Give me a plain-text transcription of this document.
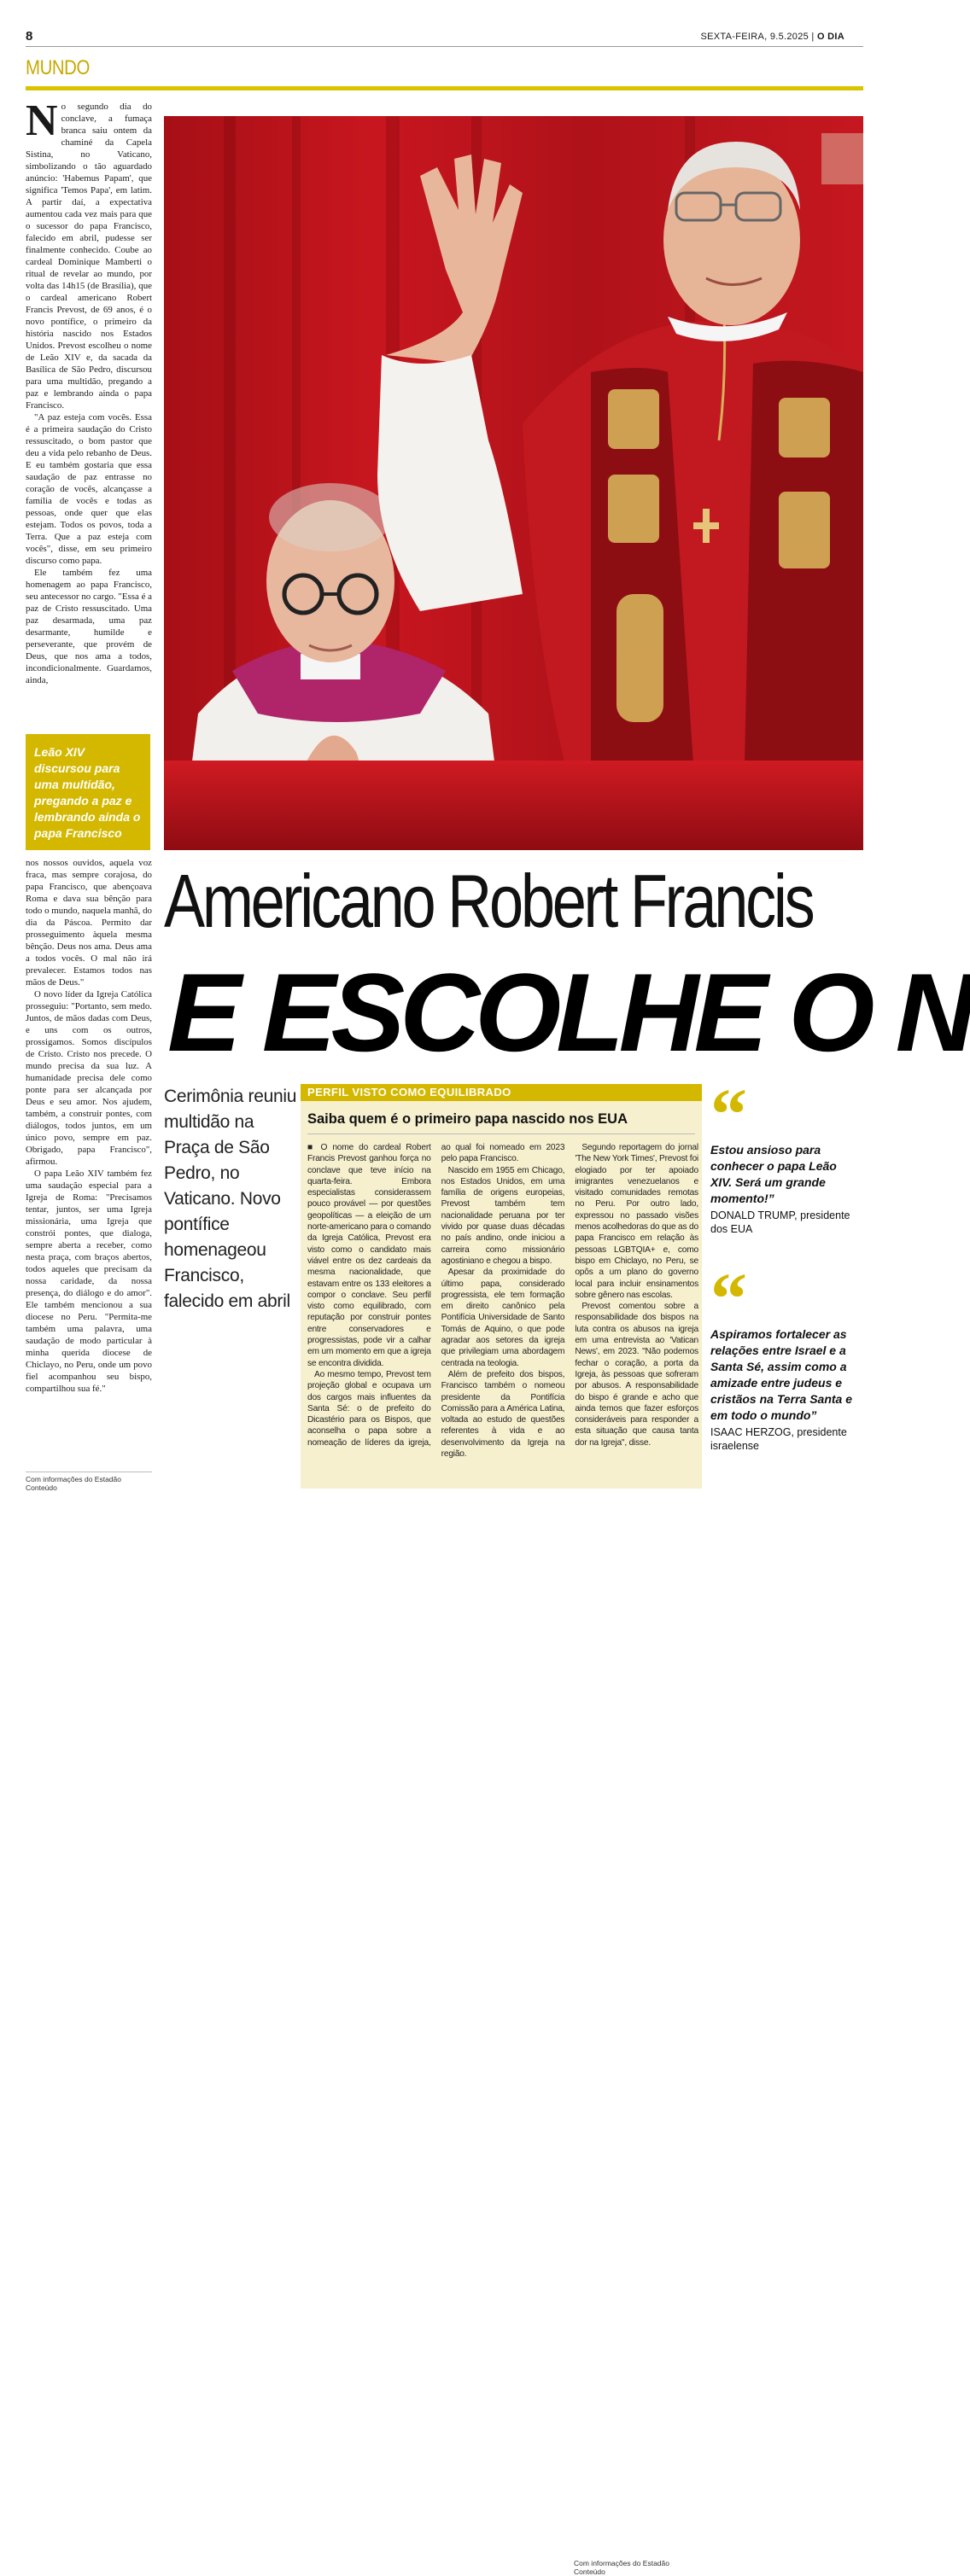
8	SEXTA-FEIRA, 9.5.2025 | O DIA
MUNDO

No segundo dia do conclave, a fumaça branca saiu ontem da chaminé da Capela Sistina, no Vaticano, simbolizando o tão aguardado anúncio: 'Habemus Papam', que significa 'Temos Papa', em latim. A partir daí, a expectativa aumentou cada vez mais para que o sucessor do papa Francisco, falecido em abril, pudesse ser finalmente conhecido. Coube ao cardeal Dominique Mamberti o ritual de revelar ao mundo, por volta das 14h15 (de Brasília), que o cardeal americano Robert Francis Prevost, de 69 anos, é o novo pontífice, o primeiro da história nascido nos Estados Unidos. Prevost escolheu o nome de Leão XIV e, da sacada da Basílica de São Pedro, discursou para uma multidão, pregando a paz e lembrando ainda o papa Francisco.

"A paz esteja com vocês. Essa é a primeira saudação do Cristo ressuscitado, o bom pastor que deu a vida pelo rebanho de Deus. E eu também gostaria que essa saudação de paz entrasse no coração de vocês, alcançasse a família de vocês e todas as pessoas, onde quer que elas estejam. Todos os povos, toda a Terra. Que a paz esteja com vocês", disse, em seu primeiro discurso como papa.

Ele também fez uma homenagem ao papa Francisco, seu antecessor no cargo. "Essa é a paz de Cristo ressuscitado. Uma paz desarmada, uma paz desarmante, humilde e perseverante, que provém de Deus, que nos ama a todos, incondicionalmente. Guardamos, ainda,

Leão XIV discursou para uma multidão, pregando a paz e lembrando ainda o papa Francisco

nos nossos ouvidos, aquela voz fraca, mas sempre corajosa, do papa Francisco, que abençoava Roma e dava sua bênção para todo o mundo, naquela manhã, do dia da Páscoa. Permito dar prosseguimento àquela mesma bênção. Deus nos ama. Deus ama a todos vocês. O mal não irá prevalecer. Estamos todos nas mãos de Deus."

O novo líder da Igreja Católica prosseguiu: "Portanto, sem medo. Juntos, de mãos dadas com Deus, e uns com os outros, prossigamos. Somos discípulos de Cristo. Cristo nos precede. O mundo precisa da sua luz. A humanidade precisa dele como ponte para ser alcançada por Deus e seu amor. Nos ajudem, também, a construir pontes, com diálogos, todos juntos, em um único povo, sempre em paz. Obrigado, papa Francisco", afirmou.

O papa Leão XIV também fez uma saudação especial para a Igreja de Roma: "Precisamos tentar, juntos, ser uma Igreja missionária, uma Igreja que constrói pontes, que dialoga, sempre aberta a receber, como nesta praça, com braços abertos, todos aqueles que precisam da nossa caridade, da nossa presença, do diálogo e do amor". Ele também mencionou a sua diocese no Peru. "Permita-me também uma palavra, uma saudação de modo particular à minha querida diocese de Chiclayo, no Peru, onde um povo fiel acompanhou seu bispo, compartilhou sua fé."

Com informações do Estadão Conteúdo
Americano Robert Francis
E ESCOLHE O N
Cerimônia reuniu multidão na Praça de São Pedro, no Vaticano. Novo pontífice homenageou Francisco, falecido em abril
PERFIL VISTO COMO EQUILIBRADO
Saiba quem é o primeiro papa nascido nos EUA

■ O nome do cardeal Robert Francis Prevost ganhou força no conclave que teve início na quarta-feira. Embora especialistas considerassem pouco provável — por questões geopolíticas — a eleição de um norte-americano para o comando da Igreja Católica, Prevost era visto como o candidato mais viável entre os dez cardeais da mesma nacionalidade, que estavam entre os 133 eleitores a compor o conclave. Seu perfil visto como equilibrado, com reputação por construir pontes entre conservadores e progressistas, pode vir a calhar em um momento em que a igreja se encontra dividida.

Ao mesmo tempo, Prevost tem projeção global e ocupava um dos cargos mais influentes da Santa Sé: o de prefeito do Dicastério para os Bispos, que aconselha o papa sobre a nomeação de líderes da igreja, ao qual foi nomeado em 2023 pelo papa Francisco.

Nascido em 1955 em Chicago, nos Estados Unidos, em uma família de origens europeias, Prevost também tem nacionalidade peruana por ter vivido por quase duas décadas no país andino, onde iniciou a carreira como missionário agostiniano e chegou a bispo.

Apesar da proximidade do último papa, considerado progressista, ele tem formação em direito canônico pela Pontifícia Universidade de Santo Tomás de Aquino, o que pode agradar aos setores da igreja que privilegiam uma abordagem centrada na teologia.

Além de prefeito dos bispos, Francisco também o nomeou presidente da Pontifícia Comissão para a América Latina, voltada ao estudo de questões referentes à vida e ao desenvolvimento da Igreja na região.

Segundo reportagem do jornal 'The New York Times', Prevost foi elogiado por ter apoiado imigrantes venezuelanos e visitado comunidades remotas no Peru. Por outro lado, expressou no passado visões menos acolhedoras do que as do papa Francisco em relação às pessoas LGBTQIA+ e, como bispo em Chiclayo, no Peru, se opôs a um plano do governo local para incluir ensinamentos sobre gênero nas escolas.

Prevost comentou sobre a responsabilidade dos bispos na luta contra os abusos na igreja em uma entrevista ao 'Vatican News', em 2023. "Não podemos fechar o coração, a porta da Igreja, às pessoas que sofreram por abusos. A responsabilidade do bispo é grande e acho que ainda temos que fazer esforços consideráveis para responder a esta situação que causa tanta dor na Igreja", disse.

Com informações do Estadão Conteúdo
“
Estou ansioso para conhecer o papa Leão XIV. Será um grande momento!”
DONALD TRUMP, presidente dos EUA
“
Aspiramos fortalecer as relações entre Israel e a Santa Sé, assim como a amizade entre judeus e cristãos na Terra Santa e em todo o mundo”
ISAAC HERZOG, presidente israelense
